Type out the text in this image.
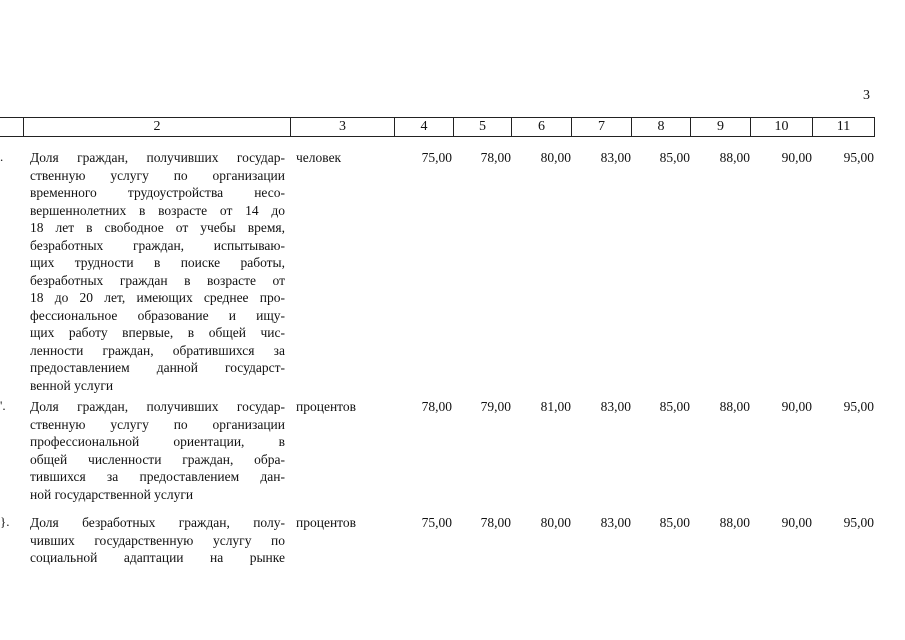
3
2	3	4	5	6	7	8	9	10	11
.	Доля граждан, получивших государ-
ственную услугу по организации
временного трудоустройства несо-
вершеннолетних в возрасте от 14 до
18 лет в свободное от учебы время,
безработных граждан, испытываю-
щих трудности в поиске работы,
безработных граждан в возрасте от
18 до 20 лет, имеющих среднее про-
фессиональное образование и ищу-
щих работу впервые, в общей чис-
ленности граждан, обратившихся за
предоставлением данной государст-
венной услуги
человек	75,00	78,00	80,00	83,00	85,00	88,00	90,00	95,00
'.	Доля граждан, получивших государ-
ственную услугу по организации
профессиональной ориентации, в
общей численности граждан, обра-
тившихся за предоставлением дан-
ной государственной услуги
процентов	78,00	79,00	81,00	83,00	85,00	88,00	90,00	95,00
}. Доля безработных граждан, полу-
чивших государственную услугу по
социальной адаптации на рынке
процентов	75,00	78,00	80,00	83,00	85,00	88,00	90,00	95,00
